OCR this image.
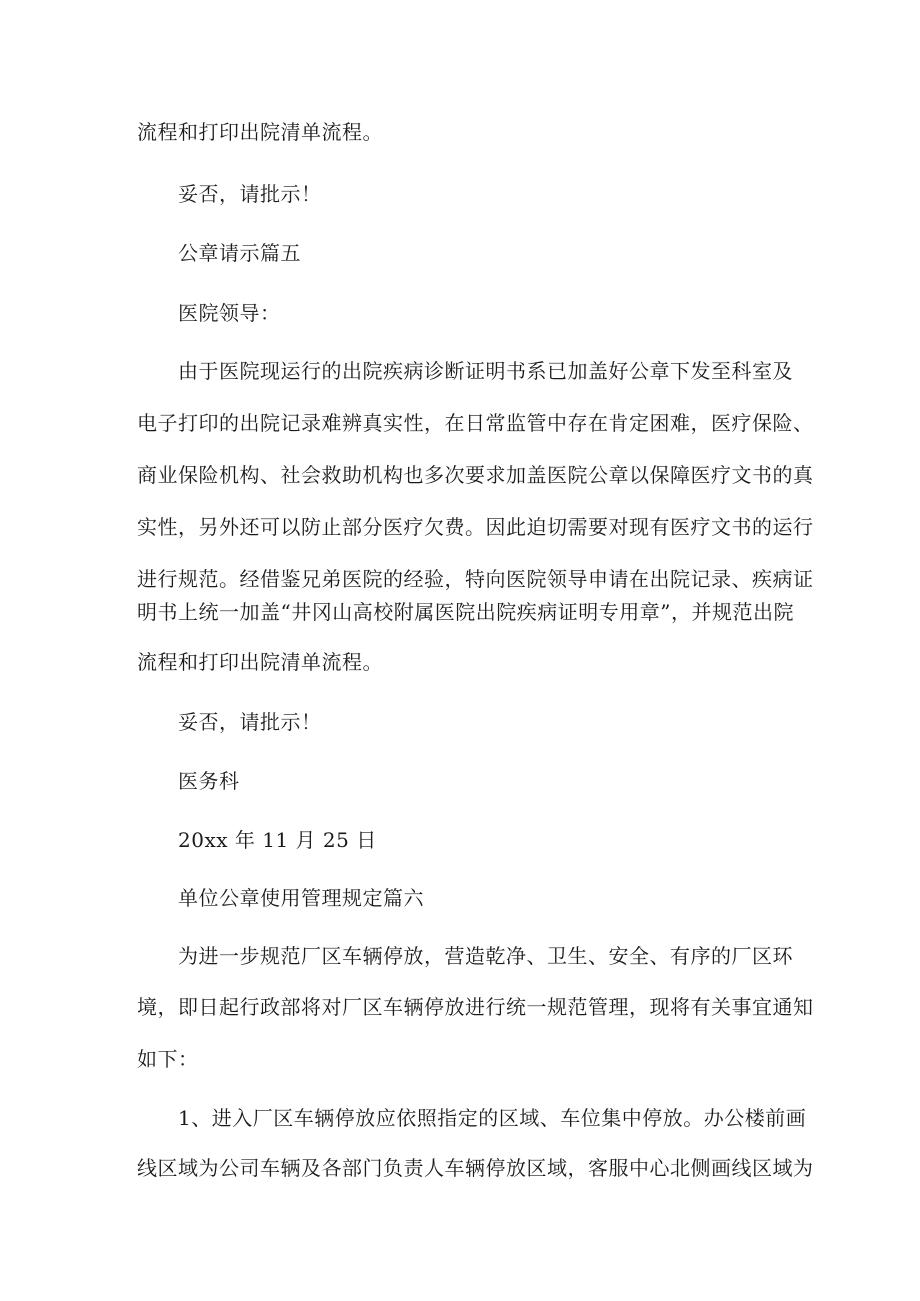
流程和打印出院清单流程。
妥否，请批示！
公章请示篇五
医院领导：
由于医院现运行的出院疾病诊断证明书系已加盖好公章下发至科室及
电子打印的出院记录难辨真实性，在日常监管中存在肯定困难，医疗保险、
商业保险机构、社会救助机构也多次要求加盖医院公章以保障医疗文书的真
实性，另外还可以防止部分医疗欠费。因此迫切需要对现有医疗文书的运行
进行规范。经借鉴兄弟医院的经验，特向医院领导申请在出院记录、疾病证
明书上统一加盖“井冈山高校附属医院出院疾病证明专用章”，并规范出院
流程和打印出院清单流程。
妥否，请批示！
医务科
20xx 年 11 月 25 日
单位公章使用管理规定篇六
为进一步规范厂区车辆停放，营造乾净、卫生、安全、有序的厂区环
境，即日起行政部将对厂区车辆停放进行统一规范管理，现将有关事宜通知
如下：
1、进入厂区车辆停放应依照指定的区域、车位集中停放。办公楼前画
线区域为公司车辆及各部门负责人车辆停放区域，客服中心北侧画线区域为
